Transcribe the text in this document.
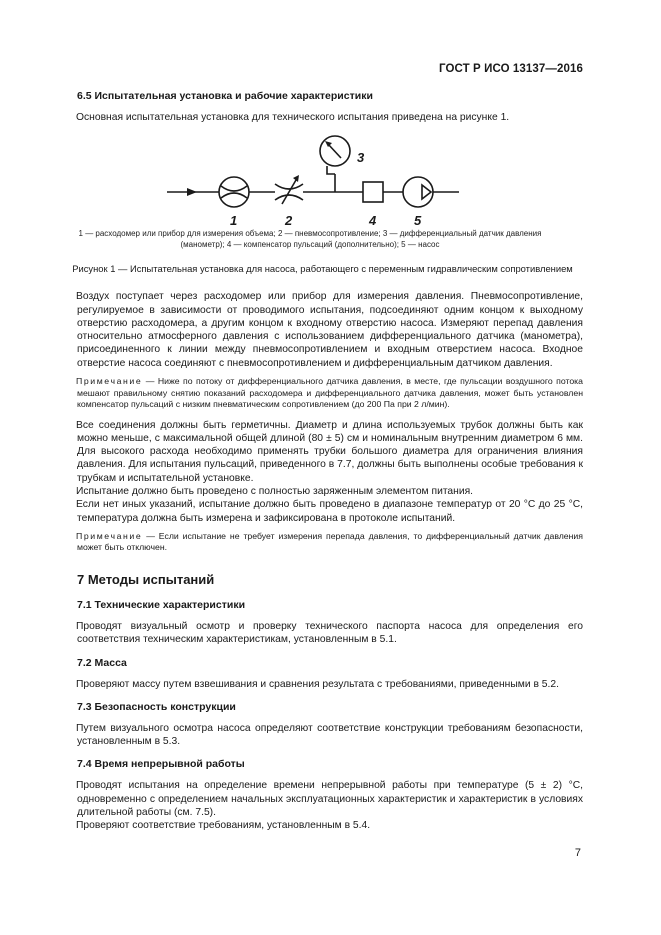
ГОСТ Р ИСО 13137—2016
6.5 Испытательная установка и рабочие характеристики

Основная испытательная установка для технического испытания приведена на рисунке 1.

1	2
3
4	5
1 — расходомер или прибор для измерения объема; 2 — пневмосопротивление; 3 — дифференциальный датчик давления
(манометр); 4 — компенсатор пульсаций (дополнительно); 5 — насос
Рисунок 1 — Испытательная установка для насоса, работающего с переменным гидравлическим сопротивлением

Воздух поступает через расходомер или прибор для измерения давления. Пневмосопротивление, регулируемое в зависимости от проводимого испытания, подсоединяют одним концом к выходному отверстию расходомера, а другим концом к входному отверстию насоса. Измеряют перепад давления относительно атмосферного давления с использованием дифференциального датчика (манометра), присоединенного к линии между пневмосопротивлением и входным отверстием насоса. Входное отверстие насоса соединяют с пневмосопротивлением и дифференциальным датчиком давления.

Примечание — Ниже по потоку от дифференциального датчика давления, в месте, где пульсации воздушного потока мешают правильному снятию показаний расходомера и дифференциального датчика давления, может быть установлен компенсатор пульсаций с низким пневматическим сопротивлением (до 200 Па при 2 л/мин).

Все соединения должны быть герметичны. Диаметр и длина используемых трубок должны быть как можно меньше, с максимальной общей длиной (80 ± 5) см и номинальным внутренним диаметром 6 мм. Для высокого расхода необходимо применять трубки большого диаметра для ограничения влияния давления. Для испытания пульсаций, приведенного в 7.7, должны быть выполнены особые требования к трубкам и испытательной установке.

Испытание должно быть проведено с полностью заряженным элементом питания.

Если нет иных указаний, испытание должно быть проведено в диапазоне температур от 20 °С до 25 °С, температура должна быть измерена и зафиксирована в протоколе испытаний.

Примечание — Если испытание не требует измерения перепада давления, то дифференциальный датчик давления может быть отключен.

7 Методы испытаний
7.1 Технические характеристики

Проводят визуальный осмотр и проверку технического паспорта насоса для определения его соответствия техническим характеристикам, установленным в 5.1.

7.2 Масса

Проверяют массу путем взвешивания и сравнения результата с требованиями, приведенными в 5.2.

7.3 Безопасность конструкции

Путем визуального осмотра насоса определяют соответствие конструкции требованиям безопасности, установленным в 5.3.

7.4 Время непрерывной работы

Проводят испытания на определение времени непрерывной работы при температуре (5 ± 2) °С, одновременно с определением начальных эксплуатационных характеристик и характеристик в условиях длительной работы (см. 7.5).

Проверяют соответствие требованиям, установленным в 5.4.

7
